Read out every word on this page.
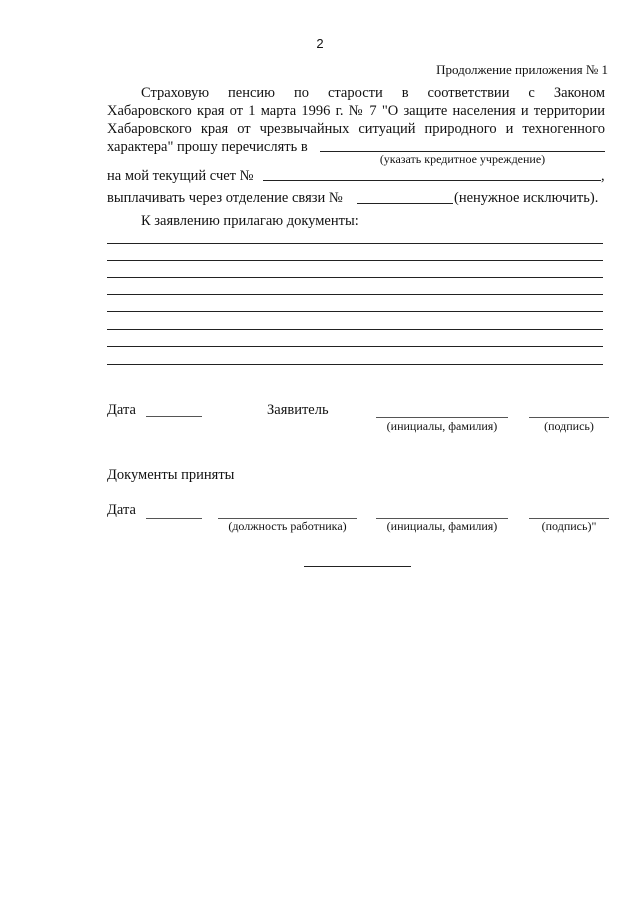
2
Продолжение приложения № 1
Страховую пенсию по старости в соответствии с Законом
Хабаровского края от 1 марта 1996 г. № 7 "О защите населения и территории
Хабаровского края от чрезвычайных ситуаций природного и техногенного
характера" прошу перечислять в
(указать кредитное учреждение)
на мой текущий счет №	,
выплачивать через отделение связи №	(ненужное исключить).
К заявлению прилагаю документы:
Дата	Заявитель
(инициалы, фамилия)	(подпись)
Документы приняты
Дата
(должность работника)	(инициалы, фамилия)	(подпись)"
